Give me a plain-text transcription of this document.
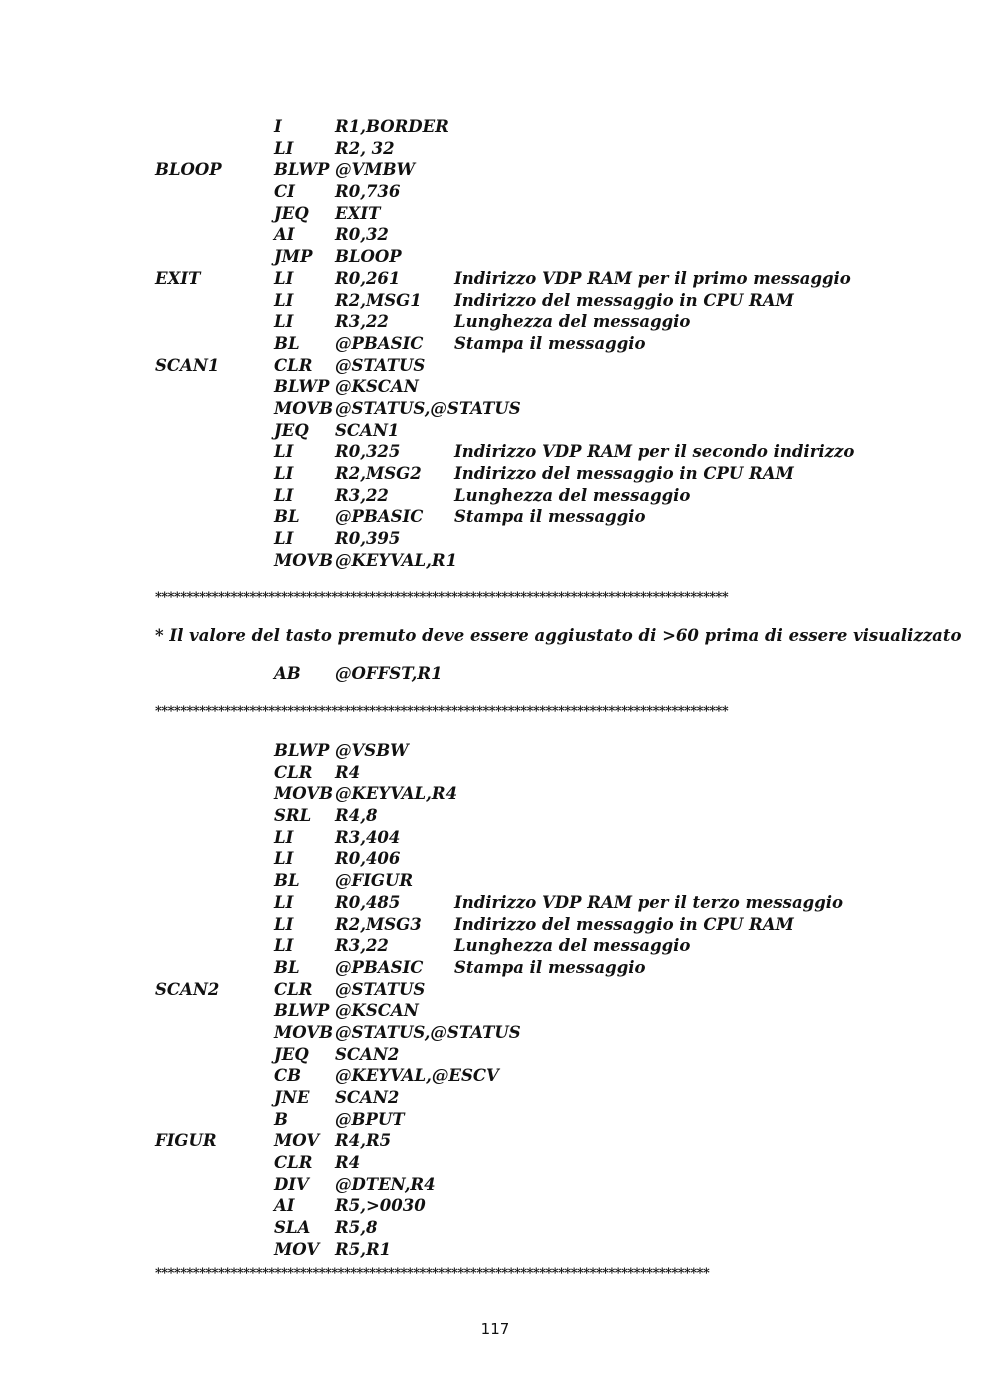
I	R1,BORDER
LI	R2, 32
BLOOP	BLWP @VMBW
CI R0,736
JEQ EXIT
AI R0,32
JMP BLOOP
EXIT	LI	R0,261	Indirizzo VDP RAM per il primo messaggio
LI	R2,MSG1 Indirizzo del messaggio in CPU RAM
LI	R3,22	Lunghezza del messaggio
BL @PBASIC Stampa il messaggio
SCAN1	CLR @STATUS
BLWP @KSCAN
MOVB @STATUS,@STATUS
JEQ SCAN1
LI	R0,325	Indirizzo VDP RAM per il secondo indirizzo
LI	R2,MSG2 Indirizzo del messaggio in CPU RAM
LI	R3,22	Lunghezza del messaggio
BL @PBASIC Stampa il messaggio
LI	R0,395
MOVB @KEYVAL,R1
*******************************************************************************************
* Il valore del tasto premuto deve essere aggiustato di >60 prima di essere visualizzato
AB @OFFST,R1
*******************************************************************************************
BLWP @VSBW
CLR R4
MOVB @KEYVAL,R4
SRL R4,8
LI	R3,404
LI	R0,406
BL @FIGUR
LI	R0,485	Indirizzo VDP RAM per il terzo messaggio
LI	R2,MSG3 Indirizzo del messaggio in CPU RAM
LI	R3,22	Lunghezza del messaggio
BL @PBASIC Stampa il messaggio
SCAN2	CLR @STATUS
BLWP @KSCAN
MOVB @STATUS,@STATUS
JEQ SCAN2
CB @KEYVAL,@ESCV
JNE SCAN2
B	@BPUT
FIGUR	MOV R4,R5
CLR R4
DIV @DTEN,R4
AI R5,>0030
SLA R5,8
MOV R5,R1
****************************************************************************************
117
